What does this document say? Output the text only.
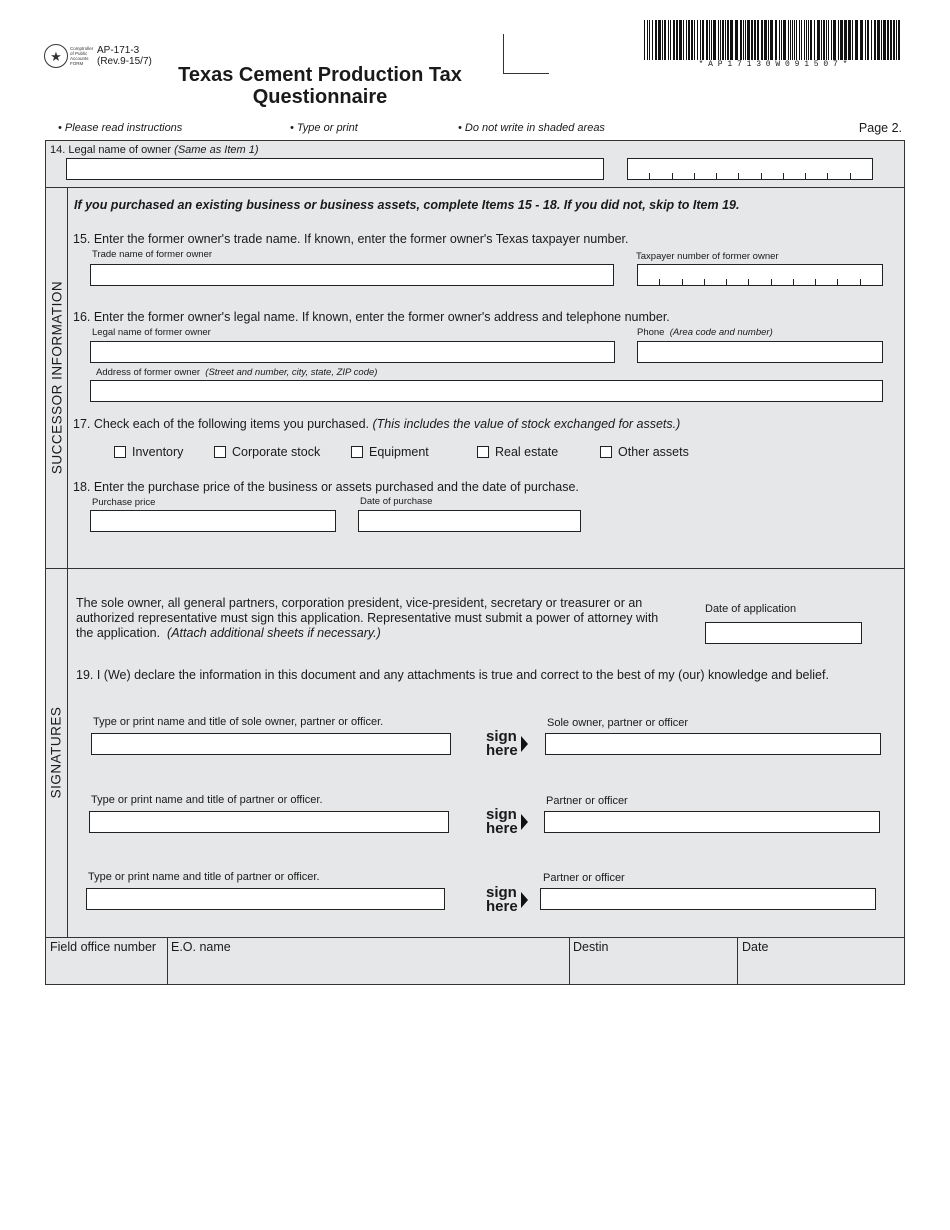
★ Comptroller of Public Accounts FORM
AP-171-3
(Rev.9-15/7)
Texas Cement Production Tax
Questionnaire
* A P 1 7 1 3 0 W 0 9 1 5 0 7 *
• Please read instructions	• Type or print	• Do not write in shaded areas	Page 2.
14. Legal name of owner (Same as Item 1)
SUCCESSOR INFORMATION
If you purchased an existing business or business assets, complete Items 15 - 18. If you did not, skip to Item 19.
15. Enter the former owner's trade name. If known, enter the former owner's Texas taxpayer number.
Trade name of former owner	Taxpayer number of former owner
16. Enter the former owner's legal name. If known, enter the former owner's address and telephone number.
Legal name of former owner	Phone (Area code and number)
Address of former owner (Street and number, city, state, ZIP code)
17. Check each of the following items you purchased. (This includes the value of stock exchanged for assets.)
Inventory	Corporate stock	Equipment	Real estate	Other assets
18. Enter the purchase price of the business or assets purchased and the date of purchase.
Purchase price	Date of purchase
SIGNATURES
The sole owner, all general partners, corporation president, vice-president, secretary or treasurer or an authorized representative must sign this application. Representative must submit a power of attorney with the application. (Attach additional sheets if necessary.)
Date of application
19. I (We) declare the information in this document and any attachments is true and correct to the best of my (our) knowledge and belief.
Type or print name and title of sole owner, partner or officer.
sign
here
Sole owner, partner or officer
Type or print name and title of partner or officer.
sign
here
Partner or officer
Type or print name and title of partner or officer.
sign
here
Partner or officer
Field office number E.O. name	Destin	Date
